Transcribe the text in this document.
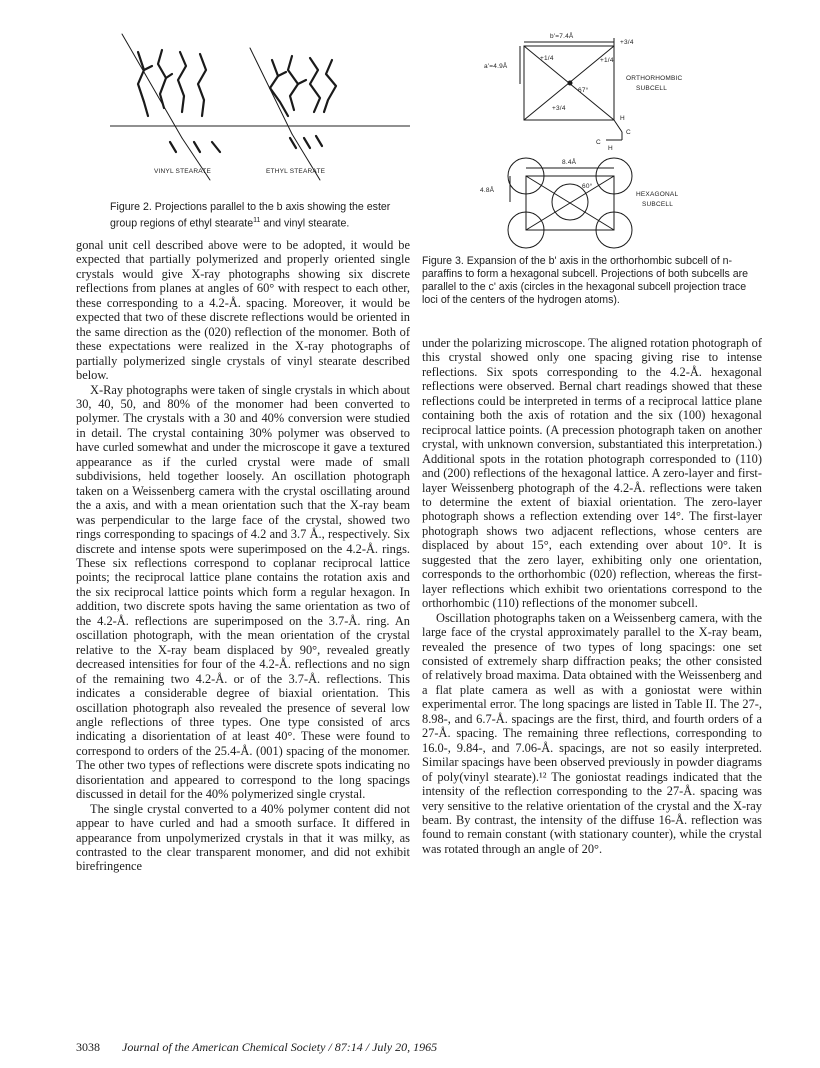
VINYL STEARATE	ETHYL STEARATE
Figure 2. Projections parallel to the b axis showing the ester group regions of ethyl stearate$^{11}$ and vinyl stearate.
b'=7.4Å
a'=4.9Å
+3/4
+1/4	+1/4
+3/4
67°
ORTHORHOMBIC
SUBCELL
H
H
C
C
8.4Å
4.8Å
60°
HEXAGONAL
SUBCELL
Figure 3. Expansion of the b' axis in the orthorhombic subcell of n-paraffins to form a hexagonal subcell. Projections of both subcells are parallel to the c' axis (circles in the hexagonal subcell projection trace loci of the centers of the hydrogen atoms).

gonal unit cell described above were to be adopted, it would be expected that partially polymerized and properly oriented single crystals would give X-ray photographs showing six discrete reflections from planes at angles of 60° with respect to each other, these corresponding to a 4.2-Å. spacing. Moreover, it would be expected that two of these discrete reflections would be oriented in the same direction as the (020) reflection of the monomer. Both of these expectations were realized in the X-ray photographs of partially polymerized single crystals of vinyl stearate described below.

X-Ray photographs were taken of single crystals in which about 30, 40, 50, and 80% of the monomer had been converted to polymer. The crystals with a 30 and 40% conversion were studied in detail. The crystal containing 30% polymer was observed to have curled somewhat and under the microscope it gave a textured appearance as if the curled crystal were made of small subdivisions, held together loosely. An oscillation photograph taken on a Weissenberg camera with the crystal oscillating around the a axis, and with a mean orientation such that the X-ray beam was perpendicular to the large face of the crystal, showed two rings corresponding to spacings of 4.2 and 3.7 Å., respectively. Six discrete and intense spots were superimposed on the 4.2-Å. rings. These six reflections correspond to coplanar reciprocal lattice points; the reciprocal lattice plane contains the rotation axis and the six reciprocal lattice points which form a regular hexagon. In addition, two discrete spots having the same orientation as two of the 4.2-Å. reflections are superimposed on the 3.7-Å. ring. An oscillation photograph, with the mean orientation of the crystal relative to the X-ray beam displaced by 90°, revealed greatly decreased intensities for four of the 4.2-Å. reflections and no sign of the remaining two 4.2-Å. or of the 3.7-Å. reflections. This indicates a considerable degree of biaxial orientation. This oscillation photograph also revealed the presence of several low angle reflections of three types. One type consisted of arcs indicating a disorientation of at least 40°. These were found to correspond to orders of the 25.4-Å. (001) spacing of the monomer. The other two types of reflections were discrete spots indicating no disorientation and appeared to correspond to the long spacings discussed in detail for the 40% polymerized single crystal.

The single crystal converted to a 40% polymer content did not appear to have curled and had a smooth surface. It differed in appearance from unpolymerized crystals in that it was milky, as contrasted to the clear transparent monomer, and did not exhibit birefringence

under the polarizing microscope. The aligned rotation photograph of this crystal showed only one spacing giving rise to intense reflections. Six spots corresponding to the 4.2-Å. hexagonal reflections were observed. Bernal chart readings showed that these reflections could be interpreted in terms of a reciprocal lattice plane containing both the axis of rotation and the six (100) hexagonal reciprocal lattice points. (A precession photograph taken on another crystal, with unknown conversion, substantiated this interpretation.) Additional spots in the rotation photograph corresponded to (110) and (200) reflections of the hexagonal lattice. A zero-layer and first-layer Weissenberg photograph of the 4.2-Å. reflections were taken to determine the extent of biaxial orientation. The zero-layer photograph shows a reflection extending over 14°. The first-layer photograph shows two adjacent reflections, whose centers are displaced by about 15°, each extending over about 10°. It is suggested that the zero layer, exhibiting only one orientation, corresponds to the orthorhombic (020) reflection, whereas the first-layer reflections which exhibit two orientations correspond to the orthorhombic (110) reflections of the monomer subcell.

Oscillation photographs taken on a Weissenberg camera, with the large face of the crystal approximately parallel to the X-ray beam, revealed the presence of two types of long spacings: one set consisted of extremely sharp diffraction peaks; the other consisted of relatively broad maxima. Data obtained with the Weissenberg and a flat plate camera as well as with a goniostat were within experimental error. The long spacings are listed in Table II. The 27-, 8.98-, and 6.7-Å. spacings are the first, third, and fourth orders of a 27-Å. spacing. The remaining three reflections, corresponding to 16.0-, 9.84-, and 7.06-Å. spacings, are not so easily interpreted. Similar spacings have been observed previously in powder diagrams of poly(vinyl stearate).¹² The goniostat readings indicated that the intensity of the reflection corresponding to the 27-Å. spacing was very sensitive to the relative orientation of the crystal and the X-ray beam. By contrast, the intensity of the diffuse 16-Å. reflection was found to remain constant (with stationary counter), while the crystal was rotated through an angle of 20°.

3038 Journal of the American Chemical Society / 87:14 / July 20, 1965
